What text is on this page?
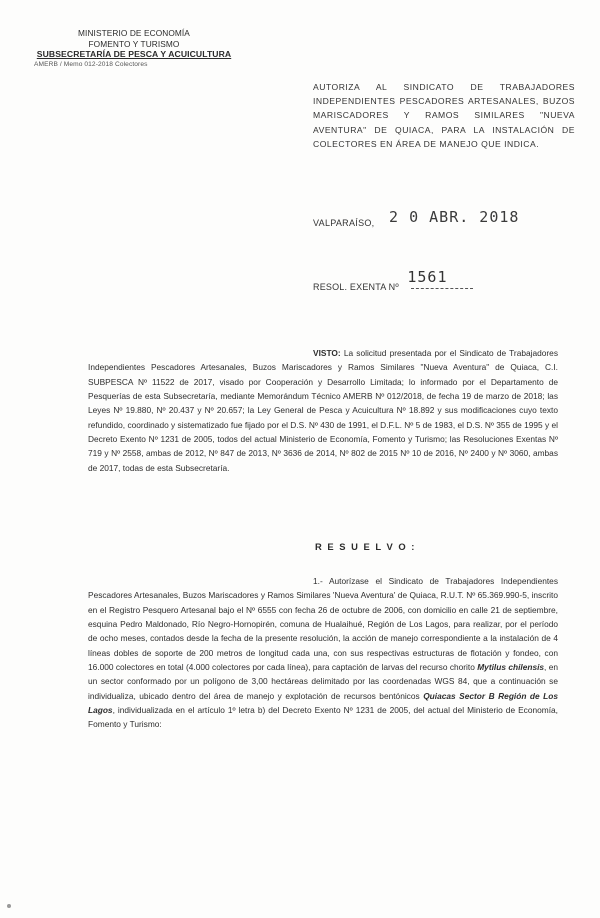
MINISTERIO DE ECONOMÍA
FOMENTO Y TURISMO
SUBSECRETARÍA DE PESCA Y ACUICULTURA
AMERB / Memo 012-2018 Colectores
AUTORIZA AL SINDICATO DE TRABAJADORES INDEPENDIENTES PESCADORES ARTESANALES, BUZOS MARISCADORES Y RAMOS SIMILARES "NUEVA AVENTURA" DE QUIACA, PARA LA INSTALACIÓN DE COLECTORES EN ÁREA DE MANEJO QUE INDICA.
VALPARAÍSO, 2 0 ABR. 2018
RESOL. EXENTA Nº 1561
VISTO: La solicitud presentada por el Sindicato de Trabajadores Independientes Pescadores Artesanales, Buzos Mariscadores y Ramos Similares "Nueva Aventura" de Quiaca, C.I. SUBPESCA Nº 11522 de 2017, visado por Cooperación y Desarrollo Limitada; lo informado por el Departamento de Pesquerías de esta Subsecretaría, mediante Memorándum Técnico AMERB Nº 012/2018, de fecha 19 de marzo de 2018; las Leyes Nº 19.880, Nº 20.437 y Nº 20.657; la Ley General de Pesca y Acuicultura Nº 18.892 y sus modificaciones cuyo texto refundido, coordinado y sistematizado fue fijado por el D.S. Nº 430 de 1991, el D.F.L. Nº 5 de 1983, el D.S. Nº 355 de 1995 y el Decreto Exento Nº 1231 de 2005, todos del actual Ministerio de Economía, Fomento y Turismo; las Resoluciones Exentas Nº 719 y Nº 2558, ambas de 2012, Nº 847 de 2013, Nº 3636 de 2014, Nº 802 de 2015 Nº 10 de 2016, Nº 2400 y Nº 3060, ambas de 2017, todas de esta Subsecretaría.
R E S U E L V O :
1.- Autorízase el Sindicato de Trabajadores Independientes Pescadores Artesanales, Buzos Mariscadores y Ramos Similares 'Nueva Aventura' de Quiaca, R.U.T. Nº 65.369.990-5, inscrito en el Registro Pesquero Artesanal bajo el Nº 6555 con fecha 26 de octubre de 2006, con domicilio en calle 21 de septiembre, esquina Pedro Maldonado, Río Negro-Hornopirén, comuna de Hualaihué, Región de Los Lagos, para realizar, por el período de ocho meses, contados desde la fecha de la presente resolución, la acción de manejo correspondiente a la instalación de 4 líneas dobles de soporte de 200 metros de longitud cada una, con sus respectivas estructuras de flotación y fondeo, con 16.000 colectores en total (4.000 colectores por cada línea), para captación de larvas del recurso chorito Mytilus chilensis, en un sector conformado por un polígono de 3,00 hectáreas delimitado por las coordenadas WGS 84, que a continuación se individualiza, ubicado dentro del área de manejo y explotación de recursos bentónicos Quiacas Sector B Región de Los Lagos, individualizada en el artículo 1º letra b) del Decreto Exento Nº 1231 de 2005, del actual del Ministerio de Economía, Fomento y Turismo:
